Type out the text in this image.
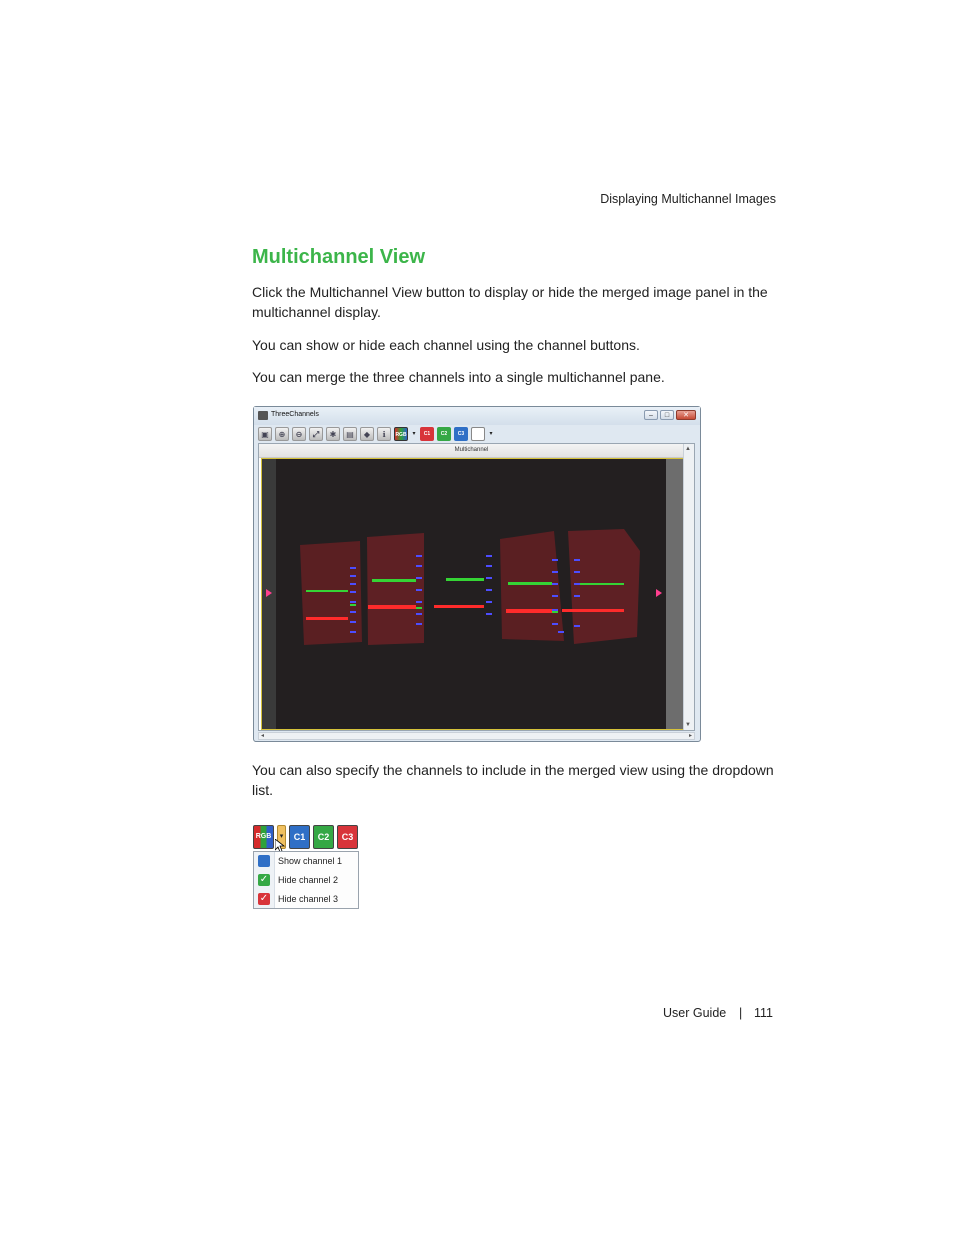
Displaying Multichannel Images
Multichannel View

Click the Multichannel View button to display or hide the merged image panel in the multichannel display.

You can show or hide each channel using the channel buttons.

You can merge the three channels into a single multichannel pane.

ThreeChannels	–	□	✕
▣	⊕	⊖	⤢	✱	▤	◆	ℹ	RGB ▾	C1	C2	C3	▾
Multichannel	▲
▼
◂	▸

You can also specify the channels to include in the merged view using the dropdown list.

RGB	▾	C1	C2	C3
Show channel 1
✓ Hide channel 2
✓ Hide channel 3
User Guide | 111
